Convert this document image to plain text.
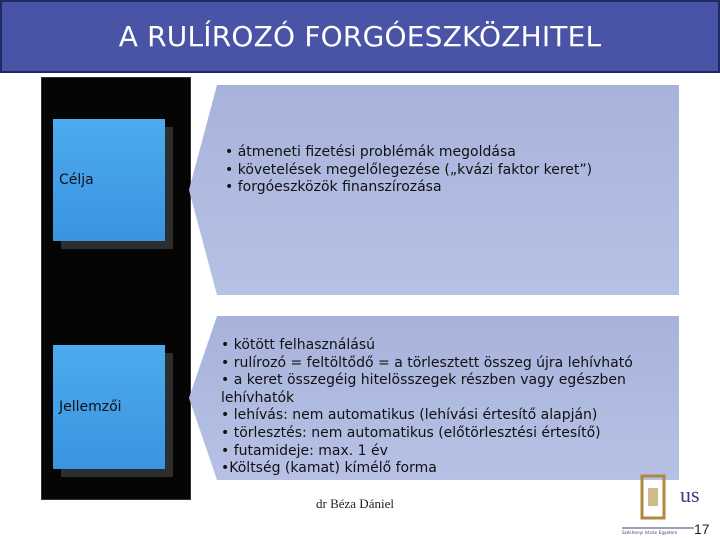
A RULÍROZÓ FORGÓESZKÖZHITEL
Célja
• átmeneti fizetési problémák megoldása
• követelések megelőlegezése („kvázi faktor keret”)
• forgóeszközök finanszírozása
Jellemzői
• kötött felhasználású
• rulírozó = feltöltődő = a törlesztett összeg újra lehívható
• a keret összegéig hitelösszegek részben vagy egészben
lehívhatók
• lehívás: nem automatikus (lehívási értesítő alapján)
• törlesztés: nem automatikus (előtörlesztési értesítő)
• futamideje: max. 1 év
•Költség (kamat) kímélő forma
dr Béza Dániel	us
Széchenyi István Egyetem 17
